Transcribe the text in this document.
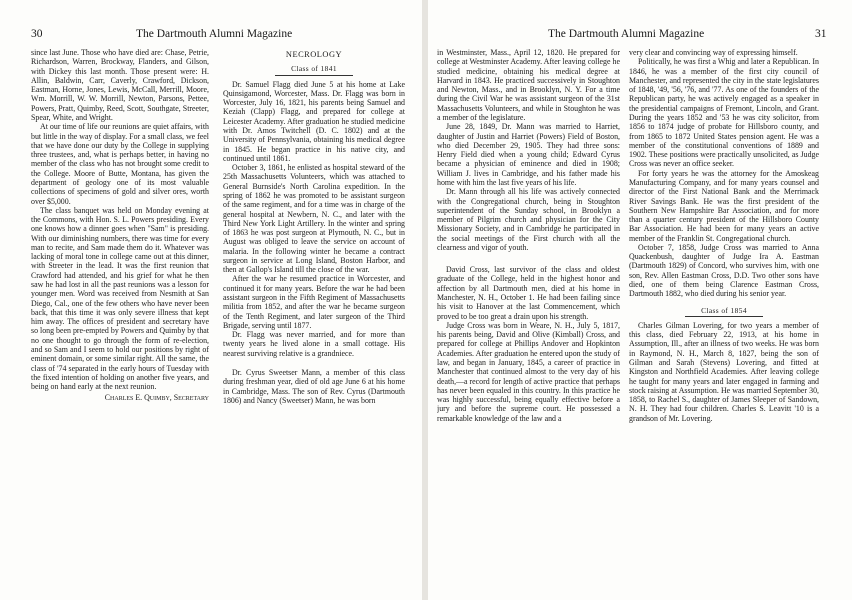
30	The Dartmouth Alumni Magazine

since last June. Those who have died are: Chase, Petrie, Richardson, Warren, Brockway, Flanders, and Gilson, with Dickey this last month. Those present were: H. Allin, Baldwin, Carr, Caverly, Crawford, Dickson, Eastman, Horne, Jones, Lewis, McCall, Merrill, Moore, Wm. Morrill, W. W. Morrill, Newton, Parsons, Pettee, Powers, Pratt, Quimby, Reed, Scott, Southgate, Streeter, Spear, White, and Wright.

At our time of life our reunions are quiet affairs, with but little in the way of display. For a small class, we feel that we have done our duty by the College in supplying three trustees, and, what is perhaps better, in having no member of the class who has not brought some credit to the College. Moore of Butte, Montana, has given the department of geology one of its most valuable collections of specimens of gold and silver ores, worth over $5,000.

The class banquet was held on Monday evening at the Commons, with Hon. S. L. Powers presiding. Every one knows how a dinner goes when "Sam" is presiding. With our diminishing numbers, there was time for every man to recite, and Sam made them do it. Whatever was lacking of moral tone in college came out at this dinner, with Streeter in the lead. It was the first reunion that Crawford had attended, and his grief for what he then saw he had lost in all the past reunions was a lesson for younger men. Word was received from Nesmith at San Diego, Cal., one of the few others who have never been back, that this time it was only severe illness that kept him away. The offices of president and secretary have so long been pre-empted by Powers and Quimby by that no one thought to go through the form of re-election, and so Sam and I seem to hold our positions by right of eminent domain, or some similar right. All the same, the class of '74 separated in the early hours of Tuesday with the fixed intention of holding on another five years, and being on hand early at the next reunion.

Charles E. Quimby, Secretary

NECROLOGY

Class of 1841

Dr. Samuel Flagg died June 5 at his home at Lake Quinsigamond, Worcester, Mass. Dr. Flagg was born in Worcester, July 16, 1821, his parents being Samuel and Keziah (Clapp) Flagg, and prepared for college at Leicester Academy. After graduation he studied medicine with Dr. Amos Twitchell (D. C. 1802) and at the University of Pennsylvania, obtaining his medical degree in 1845. He began practice in his native city, and continued until 1861.

October 3, 1861, he enlisted as hospital steward of the 25th Massachusetts Volunteers, which was attached to General Burnside's North Carolina expedition. In the spring of 1862 he was promoted to be assistant surgeon of the same regiment, and for a time was in charge of the general hospital at Newbern, N. C., and later with the Third New York Light Artillery. In the winter and spring of 1863 he was post surgeon at Plymouth, N. C., but in August was obliged to leave the service on account of malaria. In the following winter he became a contract surgeon in service at Long Island, Boston Harbor, and then at Gallop's Island till the close of the war.

After the war he resumed practice in Worcester, and continued it for many years. Before the war he had been assistant surgeon in the Fifth Regiment of Massachusetts militia from 1852, and after the war he became surgeon of the Tenth Regiment, and later surgeon of the Third Brigade, serving until 1877.

Dr. Flagg was never married, and for more than twenty years he lived alone in a small cottage. His nearest surviving relative is a grandniece.

Dr. Cyrus Sweetser Mann, a member of this class during freshman year, died of old age June 6 at his home in Cambridge, Mass. The son of Rev. Cyrus (Dartmouth 1806) and Nancy (Sweetser) Mann, he was born

The Dartmouth Alumni Magazine	31

in Westminster, Mass., April 12, 1820. He prepared for college at Westminster Academy. After leaving college he studied medicine, obtaining his medical degree at Harvard in 1843. He practiced successively in Stoughton and Newton, Mass., and in Brooklyn, N. Y. For a time during the Civil War he was assistant surgeon of the 31st Massachusetts Volunteers, and while in Stoughton he was a member of the legislature.

June 28, 1849, Dr. Mann was married to Harriet, daughter of Justin and Harriet (Powers) Field of Boston, who died December 29, 1905. They had three sons: Henry Field died when a young child; Edward Cyrus became a physician of eminence and died in 1908; William J. lives in Cambridge, and his father made his home with him the last five years of his life.

Dr. Mann through all his life was actively connected with the Congregational church, being in Stoughton superintendent of the Sunday school, in Brooklyn a member of Pilgrim church and physician for the City Missionary Society, and in Cambridge he participated in the social meetings of the First church with all the clearness and vigor of youth.

David Cross, last survivor of the class and oldest graduate of the College, held in the highest honor and affection by all Dartmouth men, died at his home in Manchester, N. H., October 1. He had been failing since his visit to Hanover at the last Commencement, which proved to be too great a drain upon his strength.

Judge Cross was born in Weare, N. H., July 5, 1817, his parents being, David and Olive (Kimball) Cross, and prepared for college at Phillips Andover and Hopkinton Academies. After graduation he entered upon the study of law, and began in January, 1845, a career of practice in Manchester that continued almost to the very day of his death,—a record for length of active practice that perhaps has never been equaled in this country. In this practice he was highly successful, being equally effective before a jury and before the supreme court. He possessed a remarkable knowledge of the law and a

very clear and convincing way of expressing himself.

Politically, he was first a Whig and later a Republican. In 1846, he was a member of the first city council of Manchester, and represented the city in the state legislatures of 1848, '49, '56, '76, and '77. As one of the founders of the Republican party, he was actively engaged as a speaker in the presidential campaigns of Fremont, Lincoln, and Grant. During the years 1852 and '53 he was city solicitor, from 1856 to 1874 judge of probate for Hillsboro county, and from 1865 to 1872 United States pension agent. He was a member of the constitutional conventions of 1889 and 1902. These positions were practically unsolicited, as Judge Cross was never an office seeker.

For forty years he was the attorney for the Amoskeag Manufacturing Company, and for many years counsel and director of the First National Bank and the Merrimack River Savings Bank. He was the first president of the Southern New Hampshire Bar Association, and for more than a quarter century president of the Hillsboro County Bar Association. He had been for many years an active member of the Franklin St. Congregational church.

October 7, 1858, Judge Cross was married to Anna Quackenbush, daughter of Judge Ira A. Eastman (Dartmouth 1829) of Concord, who survives him, with one son, Rev. Allen Eastman Cross, D.D. Two other sons have died, one of them being Clarence Eastman Cross, Dartmouth 1882, who died during his senior year.

Class of 1854

Charles Gilman Lovering, for two years a member of this class, died February 22, 1913, at his home in Assumption, Ill., after an illness of two weeks. He was born in Raymond, N. H., March 8, 1827, being the son of Gilman and Sarah (Stevens) Lovering, and fitted at Kingston and Northfield Academies. After leaving college he taught for many years and later engaged in farming and stock raising at Assumption. He was married September 30, 1858, to Rachel S., daughter of James Sleeper of Sandown, N. H. They had four children. Charles S. Leavitt '10 is a grandson of Mr. Lovering.
